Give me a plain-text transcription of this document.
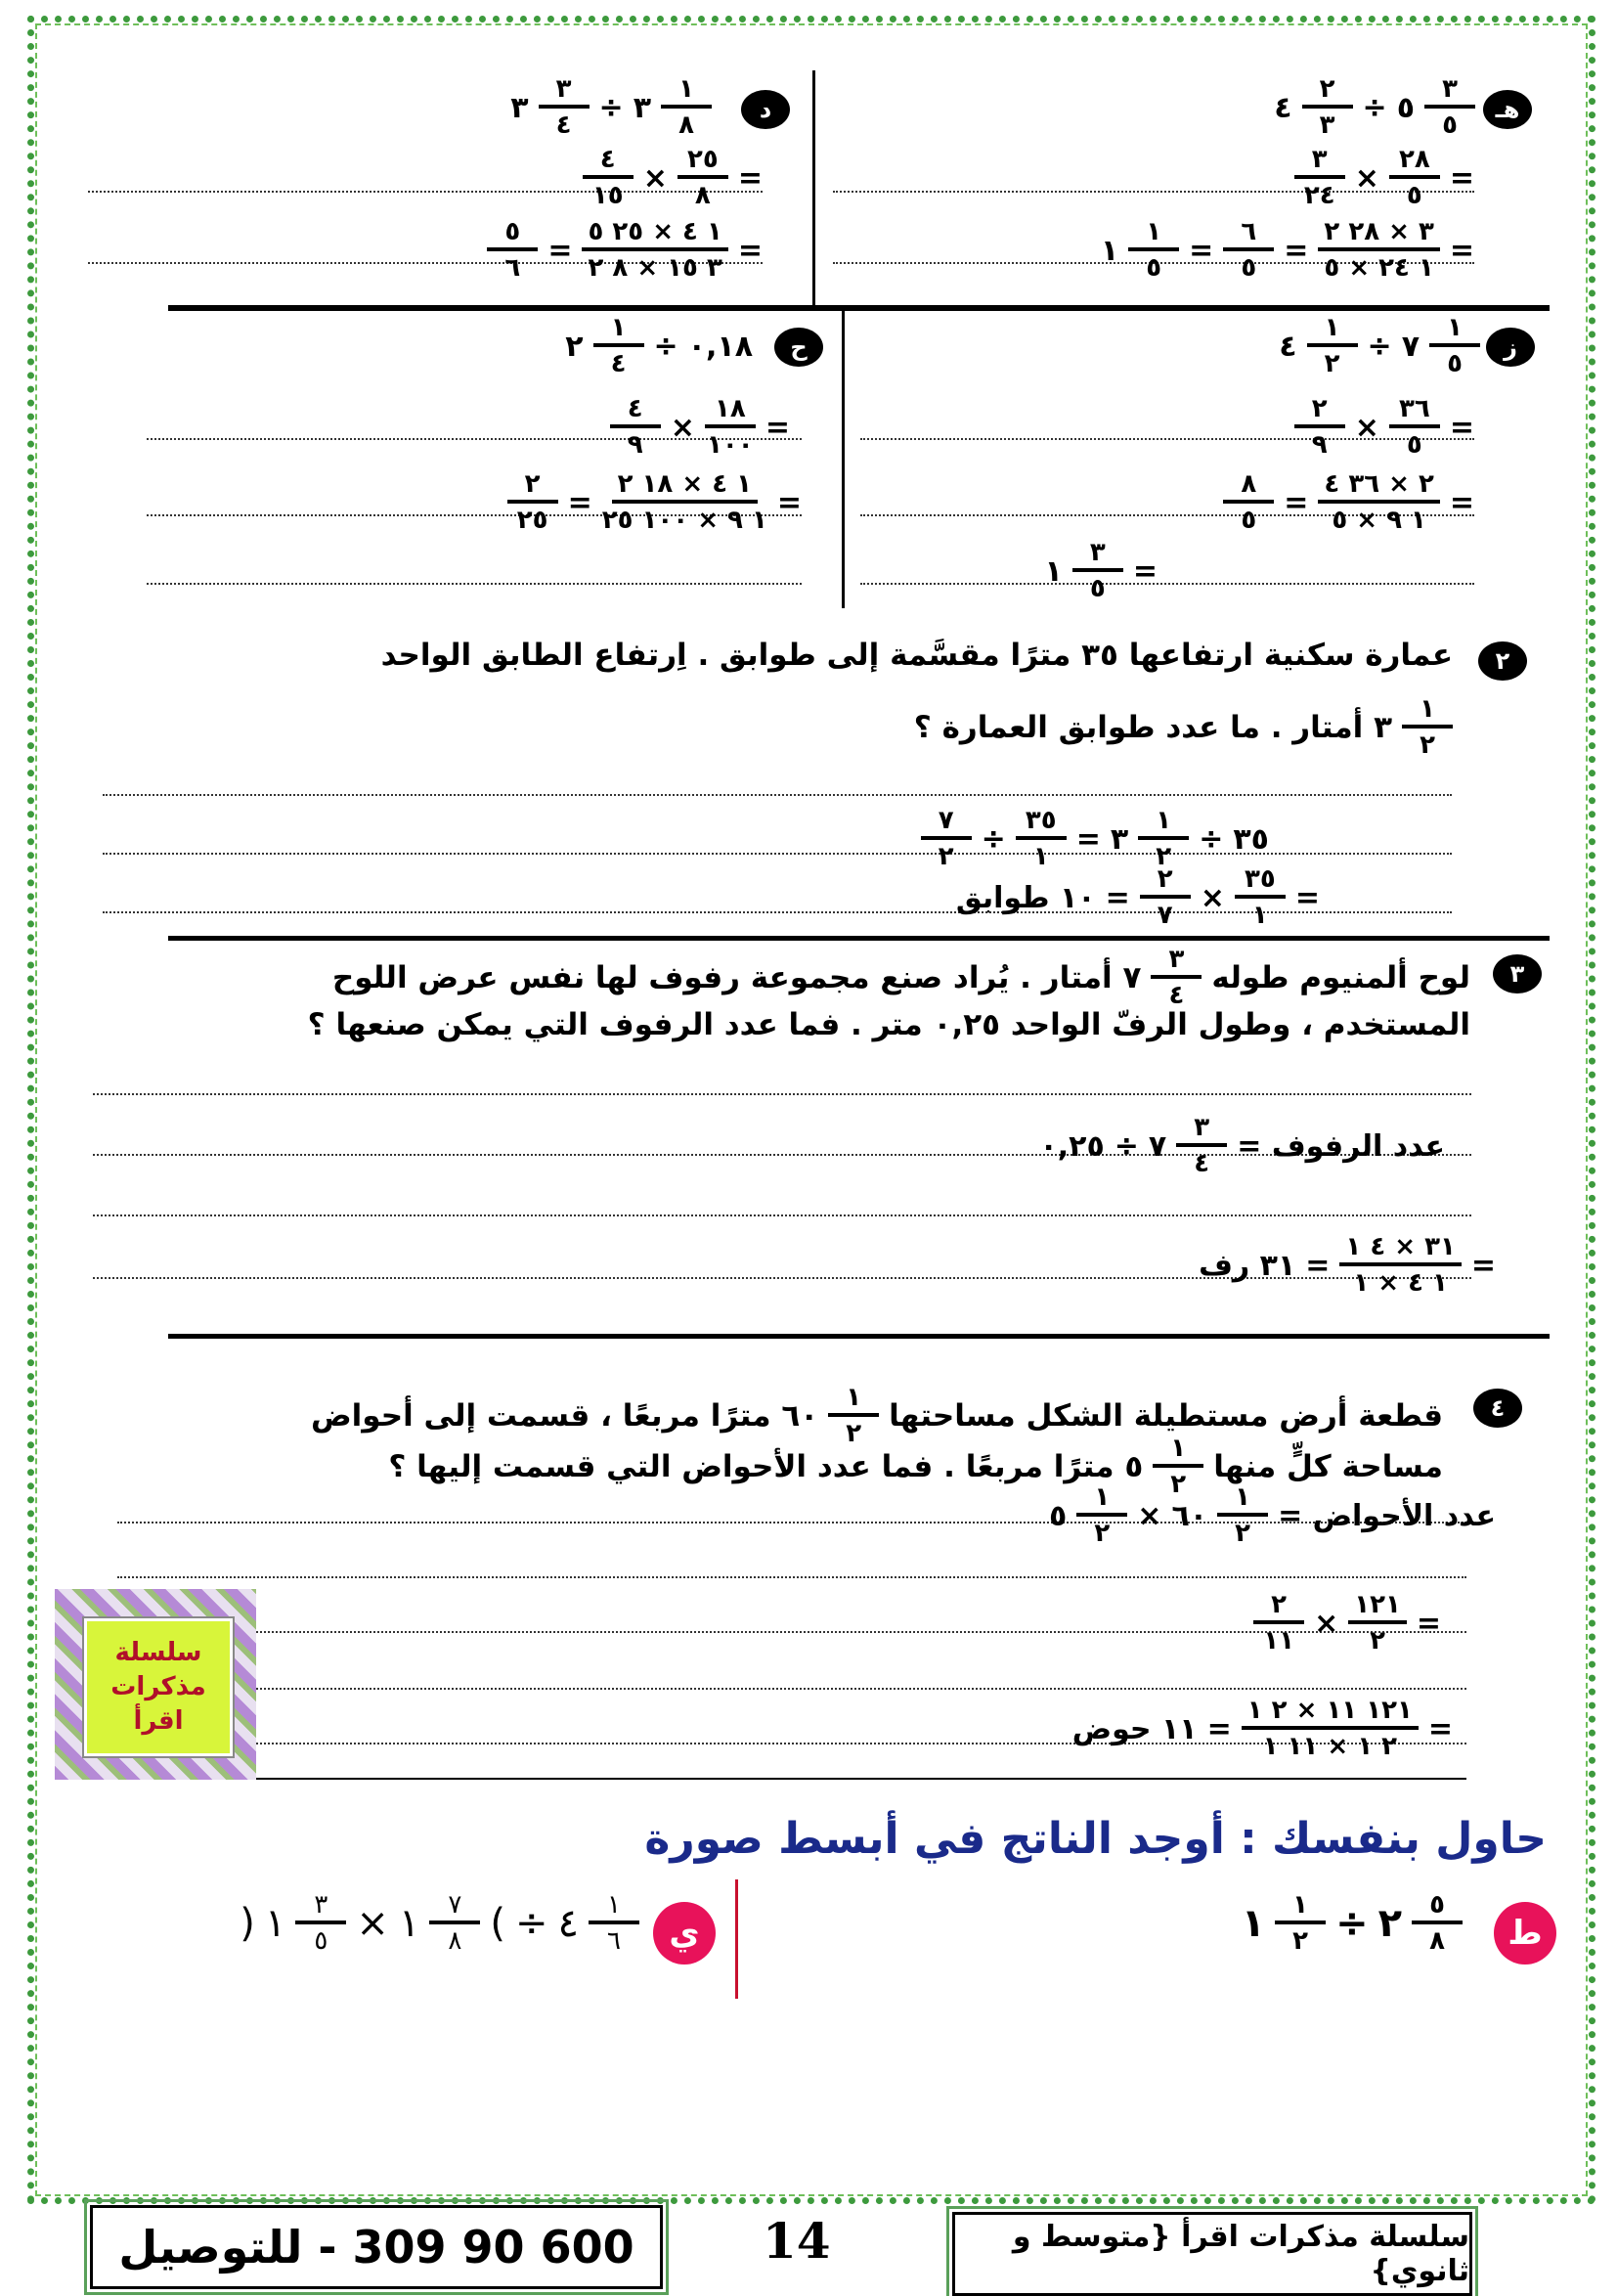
هـ
$\frac{٣}{٥}$
٥
÷
$\frac{٢}{٣}$
٤
=
$\frac{٢٨}{٥}$
×
$\frac{٣}{٢٤}$
=
$\frac{٣ \times ٢٨ ٢}{١ ٢٤ \times ٥}$
=
$\frac{٦}{٥}$
=
$\frac{١}{٥}$
١
د
$\frac{١}{٨}$
٣
÷
$\frac{٣}{٤}$
٣
=
$\frac{٢٥}{٨}$
×
$\frac{٤}{١٥}$
=
$\frac{١ ٤ \times ٢٥ ٥}{٣ ١٥ \times ٨ ٢}$
=
$\frac{٥}{٦}$
ز
$\frac{١}{٥}$
٧
÷
$\frac{١}{٢}$
٤
=
$\frac{٣٦}{٥}$
×
$\frac{٢}{٩}$
=
$\frac{٢ \times ٣٦ ٤}{١ ٩ \times ٥}$
=
$\frac{٨}{٥}$
=
$\frac{٣}{٥}$
١
ح
٠,١٨
÷
$\frac{١}{٤}$
٢
=
$\frac{١٨}{١٠٠}$
×
$\frac{٤}{٩}$
=
$\frac{١ ٤ \times ١٨ ٢}{١ ٩ \times ١٠٠ ٢٥}$
=
$\frac{٢}{٢٥}$
٢
عمارة سكنية ارتفاعها ٣٥ مترًا مقسَّمة إلى طوابق . اِرتفاع الطابق الواحد
$\frac{١}{٢}$
٣ أمتار . ما عدد طوابق العمارة ؟
٣٥
÷
$\frac{١}{٢}$
٣
=
$\frac{٣٥}{١}$
÷
$\frac{٧}{٢}$
=
$\frac{٣٥}{١}$
×
$\frac{٢}{٧}$
=
١٠ طوابق
٣
لوح ألمنيوم طوله
$\frac{٣}{٤}$
٧ أمتار . يُراد صنع مجموعة رفوف لها نفس عرض اللوح
المستخدم ، وطول الرفّ الواحد ٠,٢٥ متر . فما عدد الرفوف التي يمكن صنعها ؟
عدد الرفوف =
$\frac{٣}{٤}$
٧
÷
٠,٢٥
=
$\frac{٣١ \times ٤ ١}{١ ٤ \times ١}$
=
٣١ رف
٤
قطعة أرض مستطيلة الشكل مساحتها
$\frac{١}{٢}$
٦٠ مترًا مربعًا ، قسمت إلى أحواض
مساحة كلٍّ منها
$\frac{١}{٢}$
٥ مترًا مربعًا . فما عدد الأحواض التي قسمت إليها ؟
عدد الأحواض =
$\frac{١}{٢}$
٦٠
×
$\frac{١}{٢}$
٥
=
$\frac{١٢١}{٢}$
×
$\frac{٢}{١١}$
=
$\frac{١٢١ ١١ \times ٢ ١}{٢ ١ \times ١١ ١}$
=
١١ حوض
سلسلة
مذكرات
اقرأ
حاول بنفسك : أوجد الناتج في أبسط صورة
ط
$\frac{٥}{٨}$
٢
÷
$\frac{١}{٢}$
١
ي
$\frac{١}{٦}$
٤
÷
)
$\frac{٧}{٨}$
١
×
$\frac{٣}{٥}$
١
(
600 90 309 - للتوصيل	14	سلسلة مذكرات اقرأ {متوسط و ثانوي}
